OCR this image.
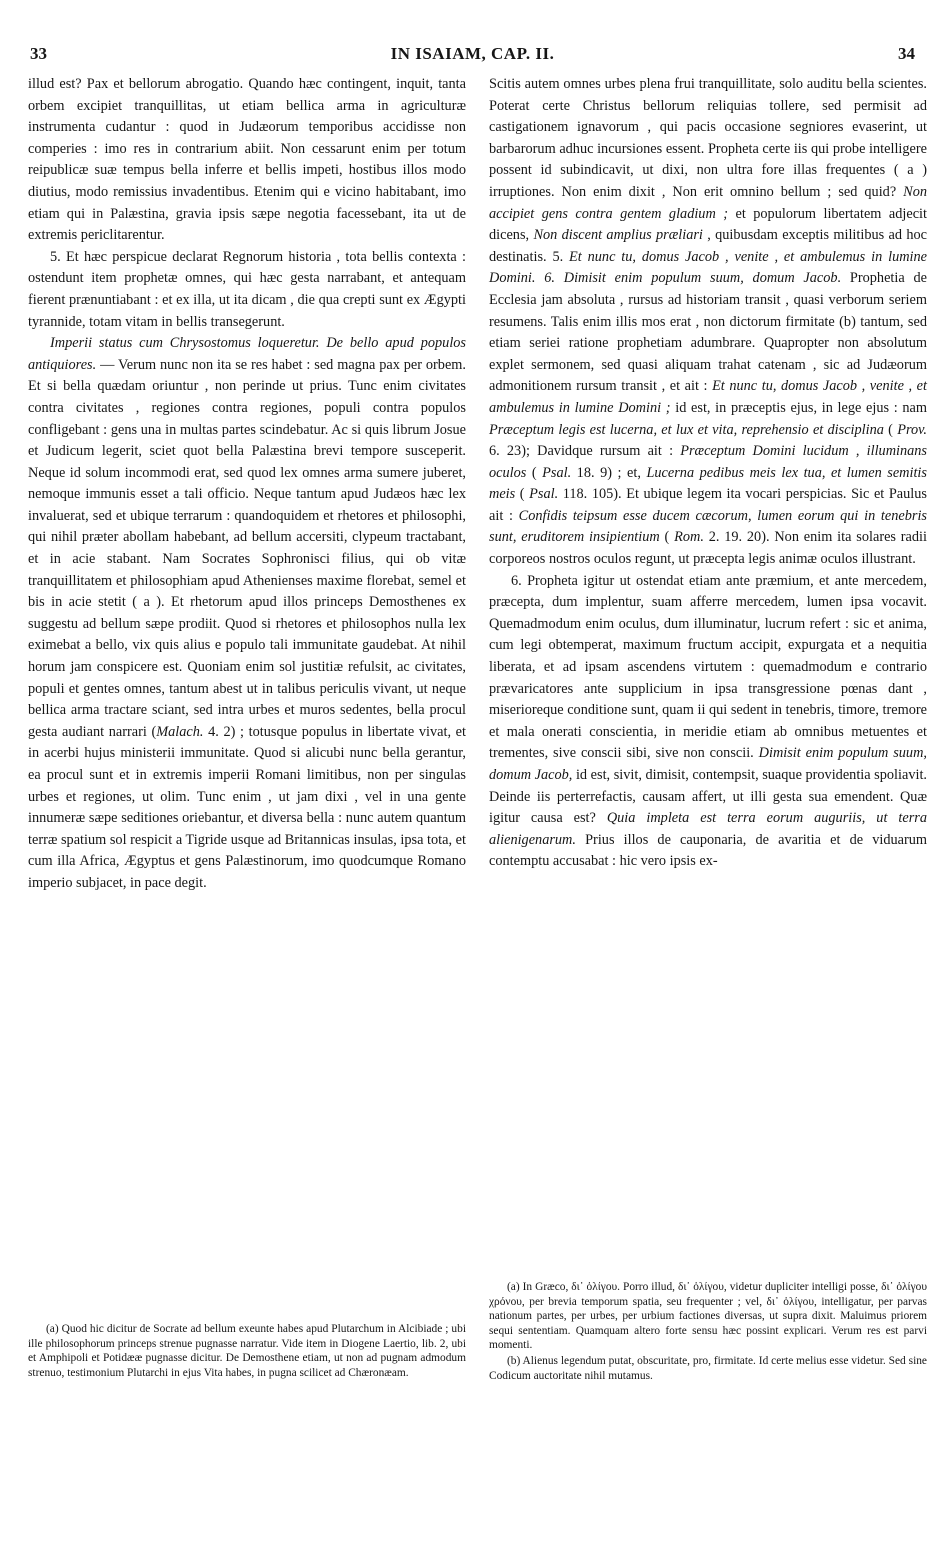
33	IN ISAIAM, CAP. II.	34

illud est? Pax et bellorum abrogatio. Quando hæc contingent, inquit, tanta orbem excipiet tranquillitas, ut etiam bellica arma in agriculturæ instrumenta cudantur : quod in Judæorum temporibus accidisse non comperies : imo res in contrarium abiit. Non cessarunt enim per totum reipublicæ suæ tempus bella inferre et bellis impeti, hostibus illos modo diutius, modo remissius invadentibus. Etenim qui e vicino habitabant, imo etiam qui in Palæstina, gravia ipsis sæpe negotia facessebant, ita ut de extremis periclitarentur.

5. Et hæc perspicue declarat Regnorum historia , tota bellis contexta : ostendunt item prophetæ omnes, qui hæc gesta narrabant, et antequam fierent prænuntiabant : et ex illa, ut ita dicam , die qua crepti sunt ex Ægypti tyrannide, totam vitam in bellis transegerunt.

Imperii status cum Chrysostomus loqueretur. De bello apud populos antiquiores. — Verum nunc non ita se res habet : sed magna pax per orbem. Et si bella quædam oriuntur , non perinde ut prius. Tunc enim civitates contra civitates , regiones contra regiones, populi contra populos confligebant : gens una in multas partes scindebatur. Ac si quis librum Josue et Judicum legerit, sciet quot bella Palæstina brevi tempore susceperit. Neque id solum incommodi erat, sed quod lex omnes arma sumere juberet, nemoque immunis esset a tali officio. Neque tantum apud Judæos hæc lex invaluerat, sed et ubique terrarum : quandoquidem et rhetores et philosophi, qui nihil præter abollam habebant, ad bellum accersiti, clypeum tractabant, et in acie stabant. Nam Socrates Sophronisci filius, qui ob vitæ tranquillitatem et philosophiam apud Athenienses maxime florebat, semel et bis in acie stetit ( a ). Et rhetorum apud illos princeps Demosthenes ex suggestu ad bellum sæpe prodiit. Quod si rhetores et philosophos nulla lex eximebat a bello, vix quis alius e populo tali immunitate gaudebat. At nihil horum jam conspicere est. Quoniam enim sol justitiæ refulsit, ac civitates, populi et gentes omnes, tantum abest ut in talibus periculis vivant, ut neque bellica arma tractare sciant, sed intra urbes et muros sedentes, bella procul gesta audiant narrari (Malach. 4. 2) ; totusque populus in libertate vivat, et in acerbi hujus ministerii immunitate. Quod si alicubi nunc bella gerantur, ea procul sunt et in extremis imperii Romani limitibus, non per singulas urbes et regiones, ut olim. Tunc enim , ut jam dixi , vel in una gente innumeræ sæpe seditiones oriebantur, et diversa bella : nunc autem quantum terræ spatium sol respicit a Tigride usque ad Britannicas insulas, ipsa tota, et cum illa Africa, Ægyptus et gens Palæstinorum, imo quodcumque Romano imperio subjacet, in pace degit.

(a) Quod hic dicitur de Socrate ad bellum exeunte habes apud Plutarchum in Alcibiade ; ubi ille philosophorum princeps strenue pugnasse narratur. Vide item in Diogene Laertio, lib. 2, ubi et Amphipoli et Potidææ pugnasse dicitur. De Demosthene etiam, ut non ad pugnam admodum strenuo, testimonium Plutarchi in ejus Vita habes, in pugna scilicet ad Chæronæam.

Scitis autem omnes urbes plena frui tranquillitate, solo auditu bella scientes. Poterat certe Christus bellorum reliquias tollere, sed permisit ad castigationem ignavorum , qui pacis occasione segniores evaserint, ut barbarorum adhuc incursiones essent. Propheta certe iis qui probe intelligere possent id subindicavit, ut dixi, non ultra fore illas frequentes ( a ) irruptiones. Non enim dixit , Non erit omnino bellum ; sed quid? Non accipiet gens contra gentem gladium ; et populorum libertatem adjecit dicens, Non discent amplius præliari , quibusdam exceptis militibus ad hoc destinatis. 5. Et nunc tu, domus Jacob , venite , et ambulemus in lumine Domini. 6. Dimisit enim populum suum, domum Jacob. Prophetia de Ecclesia jam absoluta , rursus ad historiam transit , quasi verborum seriem resumens. Talis enim illis mos erat , non dictorum firmitate (b) tantum, sed etiam seriei ratione prophetiam adumbrare. Quapropter non absolutum explet sermonem, sed quasi aliquam trahat catenam , sic ad Judæorum admonitionem rursum transit , et ait : Et nunc tu, domus Jacob , venite , et ambulemus in lumine Domini ; id est, in præceptis ejus, in lege ejus : nam Præceptum legis est lucerna, et lux et vita, reprehensio et disciplina ( Prov. 6. 23); Davidque rursum ait : Præceptum Domini lucidum , illuminans oculos ( Psal. 18. 9) ; et, Lucerna pedibus meis lex tua, et lumen semitis meis ( Psal. 118. 105). Et ubique legem ita vocari perspicias. Sic et Paulus ait : Confidis teipsum esse ducem cæcorum, lumen eorum qui in tenebris sunt, eruditorem insipientium ( Rom. 2. 19. 20). Non enim ita solares radii corporeos nostros oculos regunt, ut præcepta legis animæ oculos illustrant.

6. Propheta igitur ut ostendat etiam ante præmium, et ante mercedem, præcepta, dum implentur, suam afferre mercedem, lumen ipsa vocavit. Quemadmodum enim oculus, dum illuminatur, lucrum refert : sic et anima, cum legi obtemperat, maximum fructum accipit, expurgata et a nequitia liberata, et ad ipsam ascendens virtutem : quemadmodum e contrario prævaricatores ante supplicium in ipsa transgressione pœnas dant , miserioreque conditione sunt, quam ii qui sedent in tenebris, timore, tremore et mala onerati conscientia, in meridie etiam ab omnibus metuentes et trementes, sive conscii sibi, sive non conscii. Dimisit enim populum suum, domum Jacob, id est, sivit, dimisit, contempsit, suaque providentia spoliavit. Deinde iis perterrefactis, causam affert, ut illi gesta sua emendent. Quæ igitur causa est? Quia impleta est terra eorum auguriis, ut terra alienigenarum. Prius illos de cauponaria, de avaritia et de viduarum contemptu accusabat : hic vero ipsis ex-

(a) In Græco, δι᾽ ὀλίγου. Porro illud, δι᾽ ὀλίγου, videtur dupliciter intelligi posse, δι᾽ ὀλίγου χρόνου, per brevia temporum spatia, seu frequenter ; vel, δι᾽ ὀλίγου, intelligatur, per parvas nationum partes, per urbes, per urbium factiones diversas, ut supra dixit. Maluimus priorem sequi sententiam. Quamquam altero forte sensu hæc possint explicari. Verum res est parvi momenti.

(b) Alienus legendum putat, obscuritate, pro, firmitate. Id certe melius esse videtur. Sed sine Codicum auctoritate nihil mutamus.
